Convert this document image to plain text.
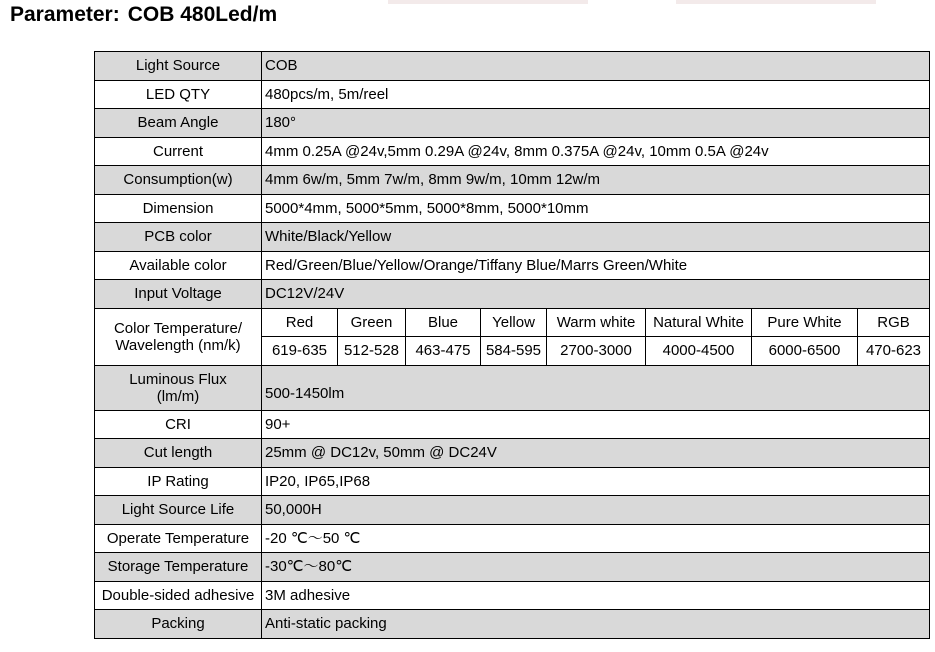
Parameter: COB 480Led/m
Light Source	COB							
LED QTY	480pcs/m, 5m/reel							
Beam Angle	180°							
Current	4mm 0.25A @24v,5mm 0.29A @24v, 8mm 0.375A @24v, 10mm 0.5A @24v							
Consumption(w)	4mm 6w/m, 5mm 7w/m, 8mm 9w/m, 10mm 12w/m							
Dimension	5000*4mm, 5000*5mm, 5000*8mm, 5000*10mm							
PCB color	White/Black/Yellow							
Available color	Red/Green/Blue/Yellow/Orange/Tiffany Blue/Marrs Green/White							
Input Voltage	DC12V/24V							

Color Temperature/
Wavelength (nm/k)	Red	Green	Blue	Yellow	Warm white	Natural White	Pure White	RGB
	619-635	512-528	463-475	584-595	2700-3000	4000-4500	6000-6500	470-623

Luminous Flux
(lm/m)	500-1450lm							
CRI	90+							
Cut length	25mm @ DC12v, 50mm @ DC24V							
IP Rating	IP20, IP65,IP68							
Light Source Life	50,000H							
Operate Temperature	-20 ℃～50 ℃							
Storage Temperature	-30℃～80℃							
Double-sided adhesive	3M adhesive							
Packing	Anti-static packing							
